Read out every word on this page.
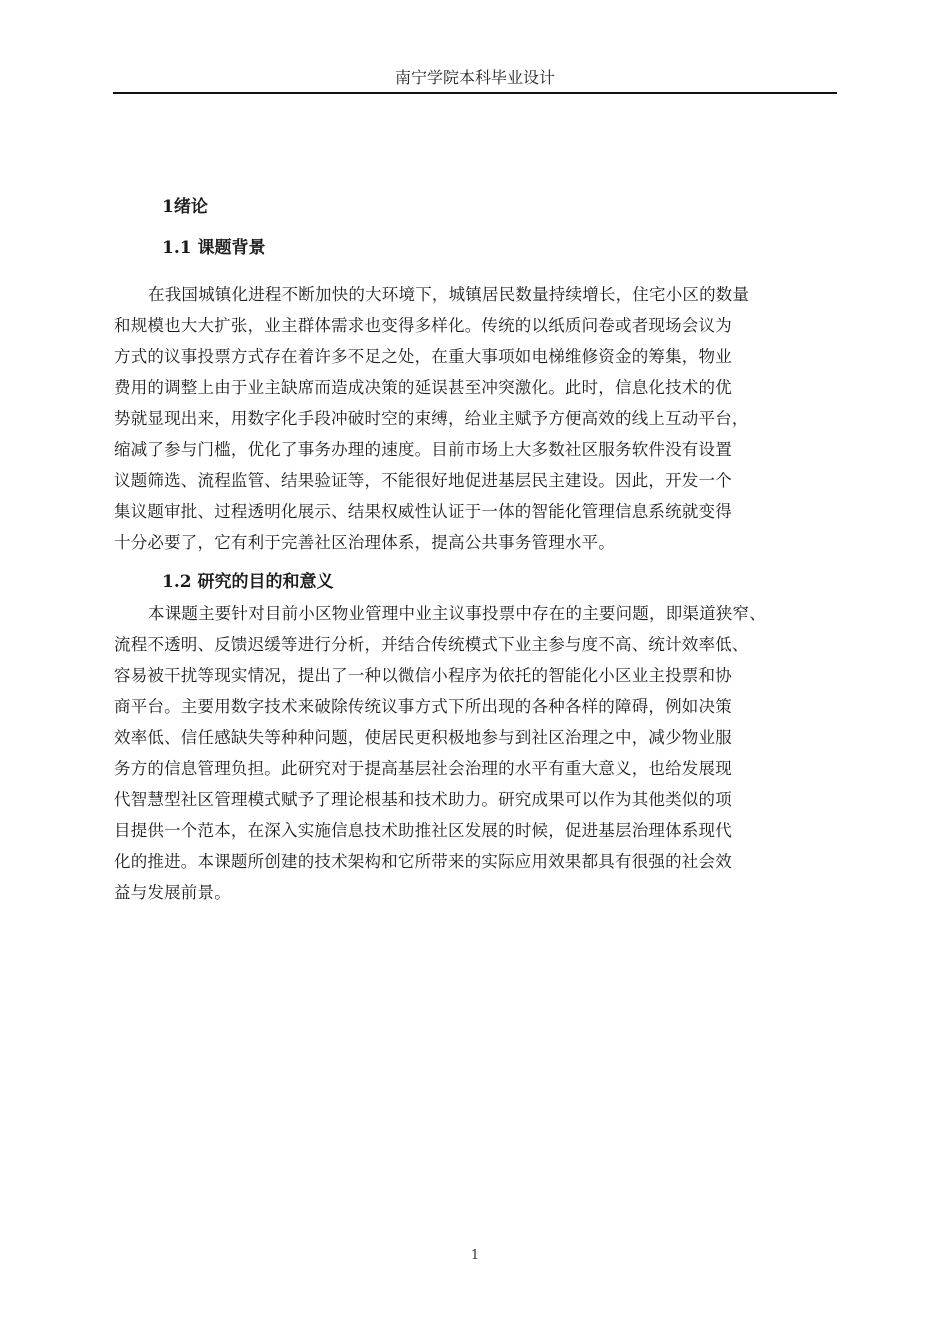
南宁学院本科毕业设计
1绪论
1.1 课题背景
在我国城镇化进程不断加快的大环境下，城镇居民数量持续增长，住宅小区的数量
和规模也大大扩张，业主群体需求也变得多样化。传统的以纸质问卷或者现场会议为
方式的议事投票方式存在着许多不足之处，在重大事项如电梯维修资金的筹集，物业
费用的调整上由于业主缺席而造成决策的延误甚至冲突激化。此时，信息化技术的优
势就显现出来，用数字化手段冲破时空的束缚，给业主赋予方便高效的线上互动平台，
缩减了参与门槛，优化了事务办理的速度。目前市场上大多数社区服务软件没有设置
议题筛选、流程监管、结果验证等，不能很好地促进基层民主建设。因此，开发一个
集议题审批、过程透明化展示、结果权威性认证于一体的智能化管理信息系统就变得
十分必要了，它有利于完善社区治理体系，提高公共事务管理水平。
1.2 研究的目的和意义
本课题主要针对目前小区物业管理中业主议事投票中存在的主要问题，即渠道狭窄、
流程不透明、反馈迟缓等进行分析，并结合传统模式下业主参与度不高、统计效率低、
容易被干扰等现实情况，提出了一种以微信小程序为依托的智能化小区业主投票和协
商平台。主要用数字技术来破除传统议事方式下所出现的各种各样的障碍，例如决策
效率低、信任感缺失等种种问题，使居民更积极地参与到社区治理之中，减少物业服
务方的信息管理负担。此研究对于提高基层社会治理的水平有重大意义，也给发展现
代智慧型社区管理模式赋予了理论根基和技术助力。研究成果可以作为其他类似的项
目提供一个范本，在深入实施信息技术助推社区发展的时候，促进基层治理体系现代
化的推进。本课题所创建的技术架构和它所带来的实际应用效果都具有很强的社会效
益与发展前景。
1
